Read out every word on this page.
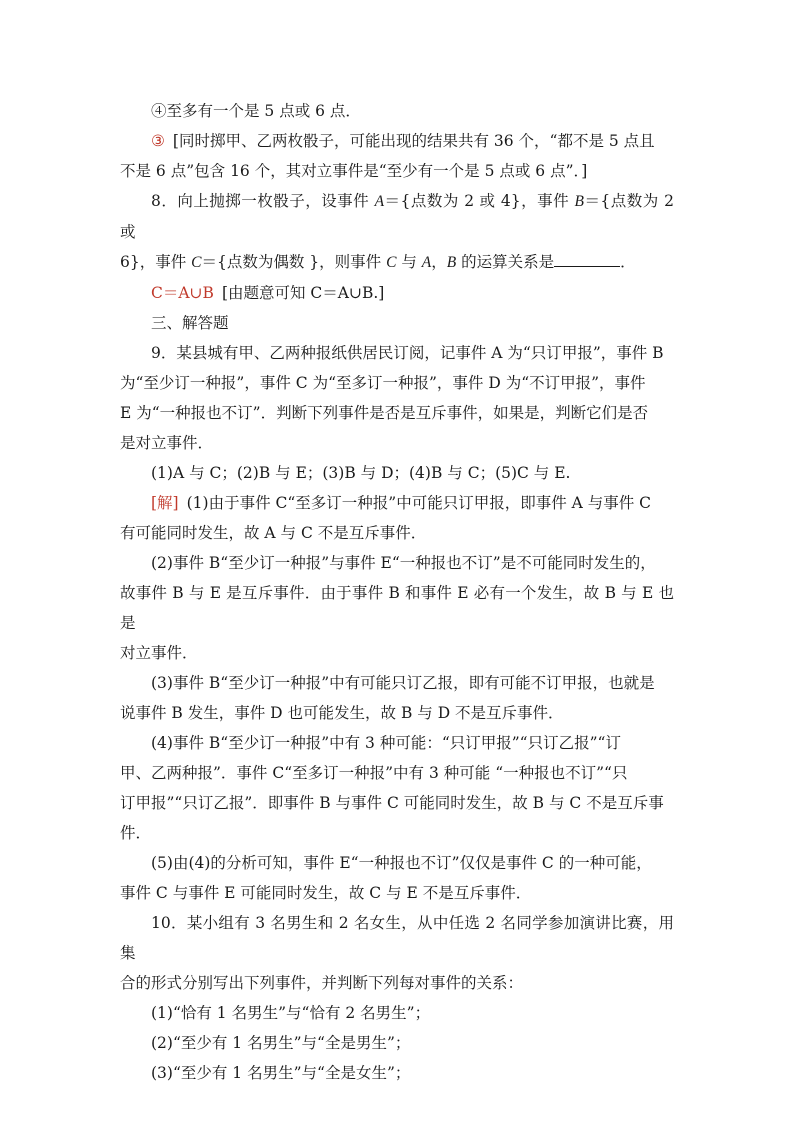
④至多有一个是 5 点或 6 点．

③ [同时掷甲、乙两枚骰子，可能出现的结果共有 36 个，“都不是 5 点且

不是 6 点”包含 16 个，其对立事件是“至少有一个是 5 点或 6 点”．]

8．向上抛掷一枚骰子，设事件 A＝{点数为 2 或 4}，事件 B＝{点数为 2 或

6}，事件 C＝{点数为偶数 }，则事件 C 与 A，B 的运算关系是	．

C＝A∪B [由题意可知 C＝A∪B.]

三、解答题

9．某县城有甲、乙两种报纸供居民订阅，记事件 A 为“只订甲报”，事件 B

为“至少订一种报”，事件 C 为“至多订一种报”，事件 D 为“不订甲报”，事件

E 为“一种报也不订”．判断下列事件是否是互斥事件，如果是，判断它们是否

是对立事件．

(1)A 与 C；(2)B 与 E；(3)B 与 D；(4)B 与 C；(5)C 与 E.

[解] (1)由于事件 C“至多订一种报”中可能只订甲报，即事件 A 与事件 C

有可能同时发生，故 A 与 C 不是互斥事件．

(2)事件 B“至少订一种报”与事件 E“一种报也不订”是不可能同时发生的，

故事件 B 与 E 是互斥事件．由于事件 B 和事件 E 必有一个发生，故 B 与 E 也是

对立事件．

(3)事件 B“至少订一种报”中有可能只订乙报，即有可能不订甲报，也就是

说事件 B 发生，事件 D 也可能发生，故 B 与 D 不是互斥事件．

(4)事件 B“至少订一种报”中有 3 种可能：“只订甲报”“只订乙报”“订

甲、乙两种报”．事件 C“至多订一种报”中有 3 种可能 “一种报也不订”“只

订甲报”“只订乙报”．即事件 B 与事件 C 可能同时发生，故 B 与 C 不是互斥事

件．

(5)由(4)的分析可知，事件 E“一种报也不订”仅仅是事件 C 的一种可能，

事件 C 与事件 E 可能同时发生，故 C 与 E 不是互斥事件．

10．某小组有 3 名男生和 2 名女生，从中任选 2 名同学参加演讲比赛，用集

合的形式分别写出下列事件，并判断下列每对事件的关系：

(1)“恰有 1 名男生”与“恰有 2 名男生”；

(2)“至少有 1 名男生”与“全是男生”；

(3)“至少有 1 名男生”与“全是女生”；
